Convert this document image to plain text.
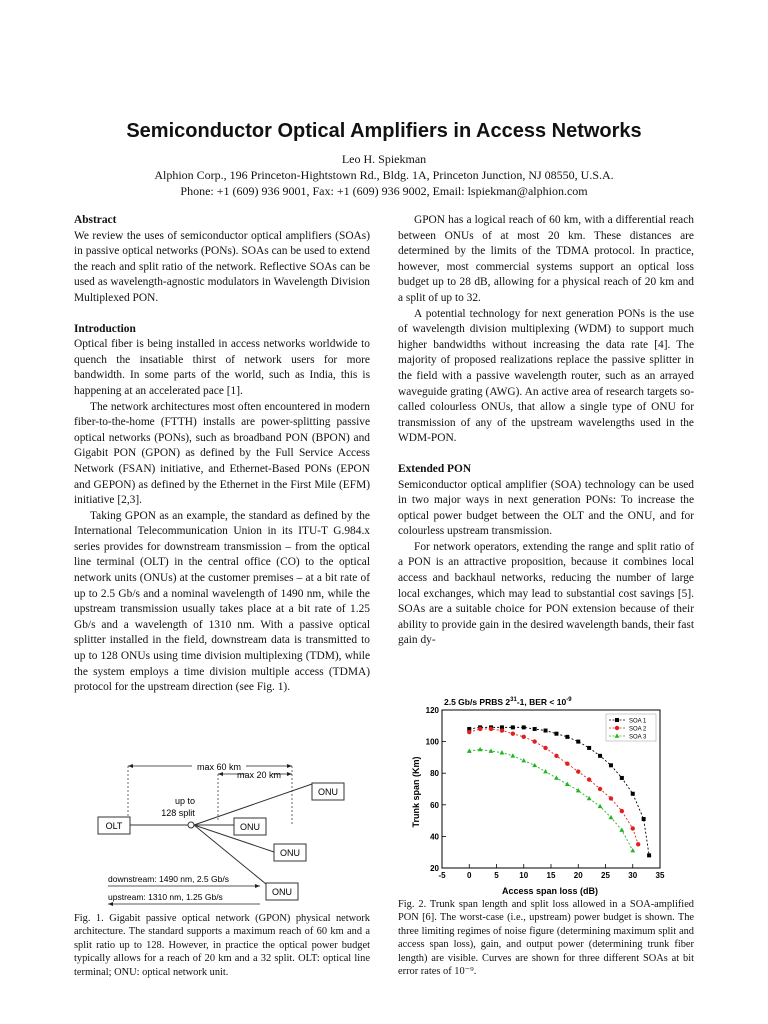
Semiconductor Optical Amplifiers in Access Networks
Leo H. Spiekman
Alphion Corp., 196 Princeton-Hightstown Rd., Bldg. 1A, Princeton Junction, NJ 08550, U.S.A.
Phone: +1 (609) 936 9001, Fax: +1 (609) 936 9002, Email: lspiekman@alphion.com
Abstract

We review the uses of semiconductor optical amplifiers (SOAs) in passive optical networks (PONs). SOAs can be used to extend the reach and split ratio of the network. Reflective SOAs can be used as wavelength-agnostic modulators in Wavelength Division Multiplexed PON.

Introduction

Optical fiber is being installed in access networks worldwide to quench the insatiable thirst of network users for more bandwidth. In some parts of the world, such as India, this is happening at an accelerated pace [1].

The network architectures most often encountered in modern fiber-to-the-home (FTTH) installs are power-splitting passive optical networks (PONs), such as broadband PON (BPON) and Gigabit PON (GPON) as defined by the Full Service Access Network (FSAN) initiative, and Ethernet-Based PONs (EPON and GEPON) as defined by the Ethernet in the First Mile (EFM) initiative [2,3].

Taking GPON as an example, the standard as defined by the International Telecommunication Union in its ITU-T G.984.x series provides for downstream transmission – from the optical line terminal (OLT) in the central office (CO) to the optical network units (ONUs) at the customer premises – at a bit rate of up to 2.5 Gb/s and a nominal wavelength of 1490 nm, while the upstream transmission usually takes place at a bit rate of 1.25 Gb/s and a wavelength of 1310 nm. With a passive optical splitter installed in the field, downstream data is transmitted to up to 128 ONUs using time division multiplexing (TDM), while the system employs a time division multiple access (TDMA) protocol for the upstream direction (see Fig. 1).

GPON has a logical reach of 60 km, with a differential reach between ONUs of at most 20 km. These distances are determined by the limits of the TDMA protocol. In practice, however, most commercial systems support an optical loss budget up to 28 dB, allowing for a physical reach of 20 km and a split of up to 32.

A potential technology for next generation PONs is the use of wavelength division multiplexing (WDM) to support much higher bandwidths without increasing the data rate [4]. The majority of proposed realizations replace the passive splitter in the field with a passive wavelength router, such as an arrayed waveguide grating (AWG). An active area of research targets so-called colourless ONUs, that allow a single type of ONU for transmission of any of the upstream wavelengths used in the WDM-PON.

Extended PON

Semiconductor optical amplifier (SOA) technology can be used in two major ways in next generation PONs: To increase the optical power budget between the OLT and the ONU, and for colourless upstream transmission.

For network operators, extending the range and split ratio of a PON is an attractive proposition, because it combines local access and backhaul networks, reducing the number of large local exchanges, which may lead to substantial cost savings [5]. SOAs are a suitable choice for PON extension because of their ability to provide gain in the desired wavelength bands, their fast gain dy-

max 60 km
max 20 km
up to
128 split
OLT
ONU
ONU
ONU
ONU
downstream: 1490 nm, 2.5 Gb/s
upstream: 1310 nm, 1.25 Gb/s
Fig. 1. Gigabit passive optical network (GPON) physical network architecture. The standard supports a maximum reach of 60 km and a split ratio up to 128. However, in practice the optical power budget typically allows for a reach of 20 km and a 32 split. OLT: optical line terminal; ONU: optical network unit.
2.5 Gb/s PRBS $2^{31}-1$, BER < $10^{-9}$
-5	0	5	10 15 20 25 30 35
20
40
60
80
100
120
SOA 1
SOA 2
SOA 3
Access span loss (dB)
Trunk span (Km)
Fig. 2. Trunk span length and split loss allowed in a SOA-amplified PON [6]. The worst-case (i.e., upstream) power budget is shown. The three limiting regimes of noise figure (determining maximum split and access span loss), gain, and output power (determining trunk fiber length) are visible. Curves are shown for three different SOAs at bit error rates of 10⁻⁹.
